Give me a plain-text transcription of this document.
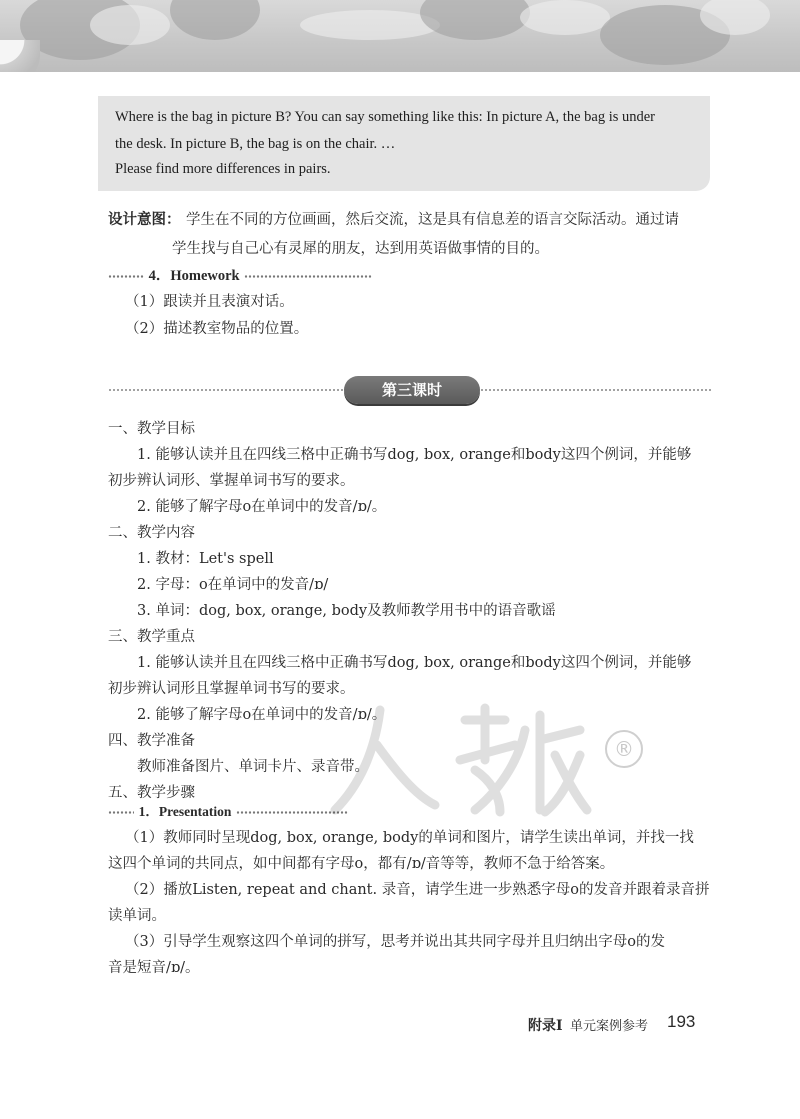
Where is the bag in picture B? You can say something like this: In picture A, the bag is under

the desk. In picture B, the bag is on the chair. …

Please find more differences in pairs.

设计意图： 学生在不同的方位画画，然后交流，这是具有信息差的语言交际活动。通过请
学生找与自己心有灵犀的朋友，达到用英语做事情的目的。
4．Homework
（1）跟读并且表演对话。
（2）描述教室物品的位置。
第三课时
一、教学目标
1. 能够认读并且在四线三格中正确书写dog, box, orange和body这四个例词，并能够
初步辨认词形、掌握单词书写的要求。
2. 能够了解字母o在单词中的发音/ɒ/。
二、教学内容
1. 教材：Let's spell
2. 字母：o在单词中的发音/ɒ/
3. 单词：dog, box, orange, body及教师教学用书中的语音歌谣
三、教学重点
1. 能够认读并且在四线三格中正确书写dog, box, orange和body这四个例词，并能够
初步辨认词形且掌握单词书写的要求。
2. 能够了解字母o在单词中的发音/ɒ/。
四、教学准备
教师准备图片、单词卡片、录音带。
五、教学步骤
1．Presentation
（1）教师同时呈现dog, box, orange, body的单词和图片，请学生读出单词，并找一找
这四个单词的共同点，如中间都有字母o，都有/ɒ/音等等，教师不急于给答案。
（2）播放Listen, repeat and chant. 录音，请学生进一步熟悉字母o的发音并跟着录音拼
读单词。
（3）引导学生观察这四个单词的拼写，思考并说出其共同字母并且归纳出字母o的发
音是短音/ɒ/。
®
附录I 单元案例参考 193
